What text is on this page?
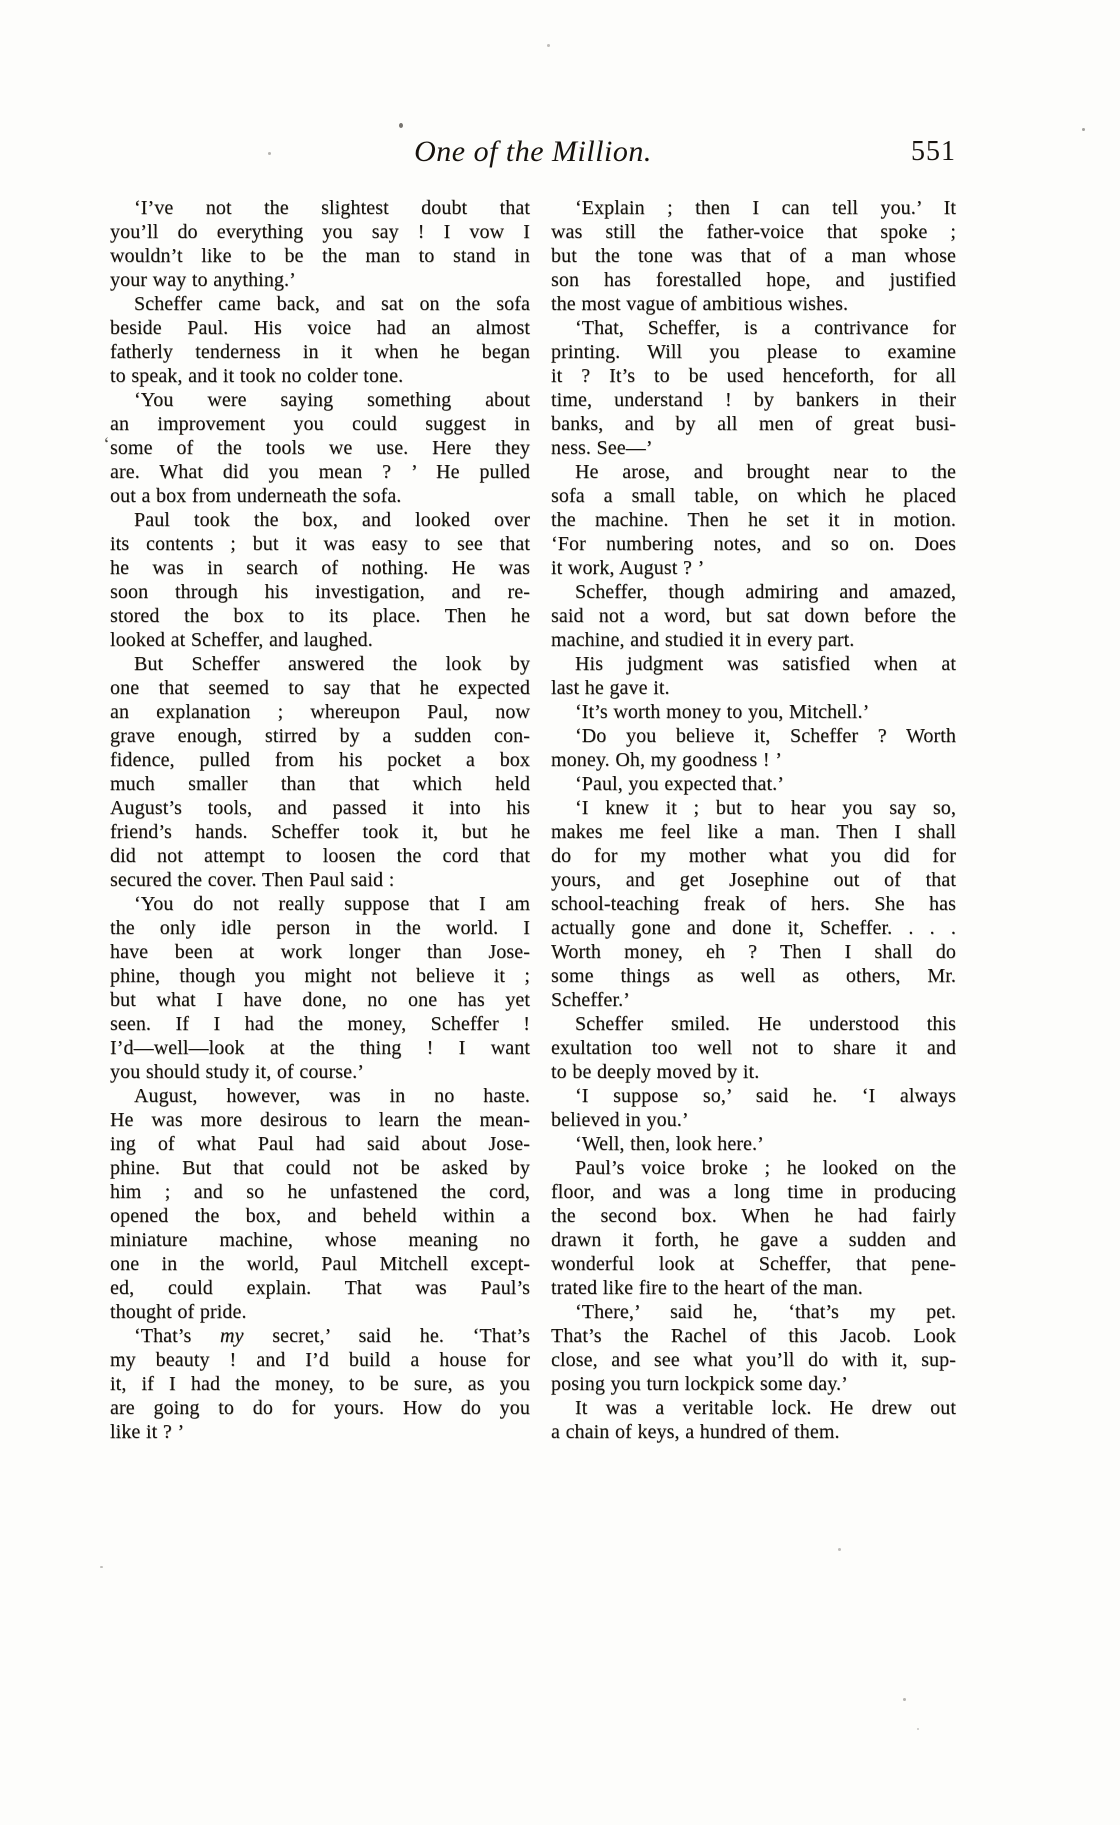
One of the Million.	551
‘I’ve not the slightest doubt that
you’ll do everything you say ! I vow I
wouldn’t like to be the man to stand in
your way to anything.’
Scheffer came back, and sat on the sofa
beside Paul. His voice had an almost
fatherly tenderness in it when he began
to speak, and it took no colder tone.
‘You were saying something about
an improvement you could suggest in
some of the tools we use. Here they
are. What did you mean ? ’ He pulled
out a box from underneath the sofa.
Paul took the box, and looked over
its contents ; but it was easy to see that
he was in search of nothing. He was
soon through his investigation, and re-
stored the box to its place. Then he
looked at Scheffer, and laughed.
But Scheffer answered the look by
one that seemed to say that he expected
an explanation ; whereupon Paul, now
grave enough, stirred by a sudden con-
fidence, pulled from his pocket a box
much smaller than that which held
August’s tools, and passed it into his
friend’s hands. Scheffer took it, but he
did not attempt to loosen the cord that
secured the cover. Then Paul said :
‘You do not really suppose that I am
the only idle person in the world. I
have been at work longer than Jose-
phine, though you might not believe it ;
but what I have done, no one has yet
seen. If I had the money, Scheffer !
I’d—well—look at the thing ! I want
you should study it, of course.’
August, however, was in no haste.
He was more desirous to learn the mean-
ing of what Paul had said about Jose-
phine. But that could not be asked by
him ; and so he unfastened the cord,
opened the box, and beheld within a
miniature machine, whose meaning no
one in the world, Paul Mitchell except-
ed, could explain. That was Paul’s
thought of pride.
‘That’s my secret,’ said he. ‘That’s
my beauty ! and I’d build a house for
it, if I had the money, to be sure, as you
are going to do for yours. How do you
like it ? ’
‘Explain ; then I can tell you.’ It
was still the father-voice that spoke ;
but the tone was that of a man whose
son has forestalled hope, and justified
the most vague of ambitious wishes.
‘That, Scheffer, is a contrivance for
printing. Will you please to examine
it ? It’s to be used henceforth, for all
time, understand ! by bankers in their
banks, and by all men of great busi-
ness. See—’
He arose, and brought near to the
sofa a small table, on which he placed
the machine. Then he set it in motion.
‘For numbering notes, and so on. Does
it work, August ? ’
Scheffer, though admiring and amazed,
said not a word, but sat down before the
machine, and studied it in every part.
His judgment was satisfied when at
last he gave it.
‘It’s worth money to you, Mitchell.’
‘Do you believe it, Scheffer ? Worth
money. Oh, my goodness ! ’
‘Paul, you expected that.’
‘I knew it ; but to hear you say so,
makes me feel like a man. Then I shall
do for my mother what you did for
yours, and get Josephine out of that
school-teaching freak of hers. She has
actually gone and done it, Scheffer. . . .
Worth money, eh ? Then I shall do
some things as well as others, Mr.
Scheffer.’
Scheffer smiled. He understood this
exultation too well not to share it and
to be deeply moved by it.
‘I suppose so,’ said he. ‘I always
believed in you.’
‘Well, then, look here.’
Paul’s voice broke ; he looked on the
floor, and was a long time in producing
the second box. When he had fairly
drawn it forth, he gave a sudden and
wonderful look at Scheffer, that pene-
trated like fire to the heart of the man.
‘There,’ said he, ‘that’s my pet.
That’s the Rachel of this Jacob. Look
close, and see what you’ll do with it, sup-
posing you turn lockpick some day.’
It was a veritable lock. He drew out
a chain of keys, a hundred of them.
‘
